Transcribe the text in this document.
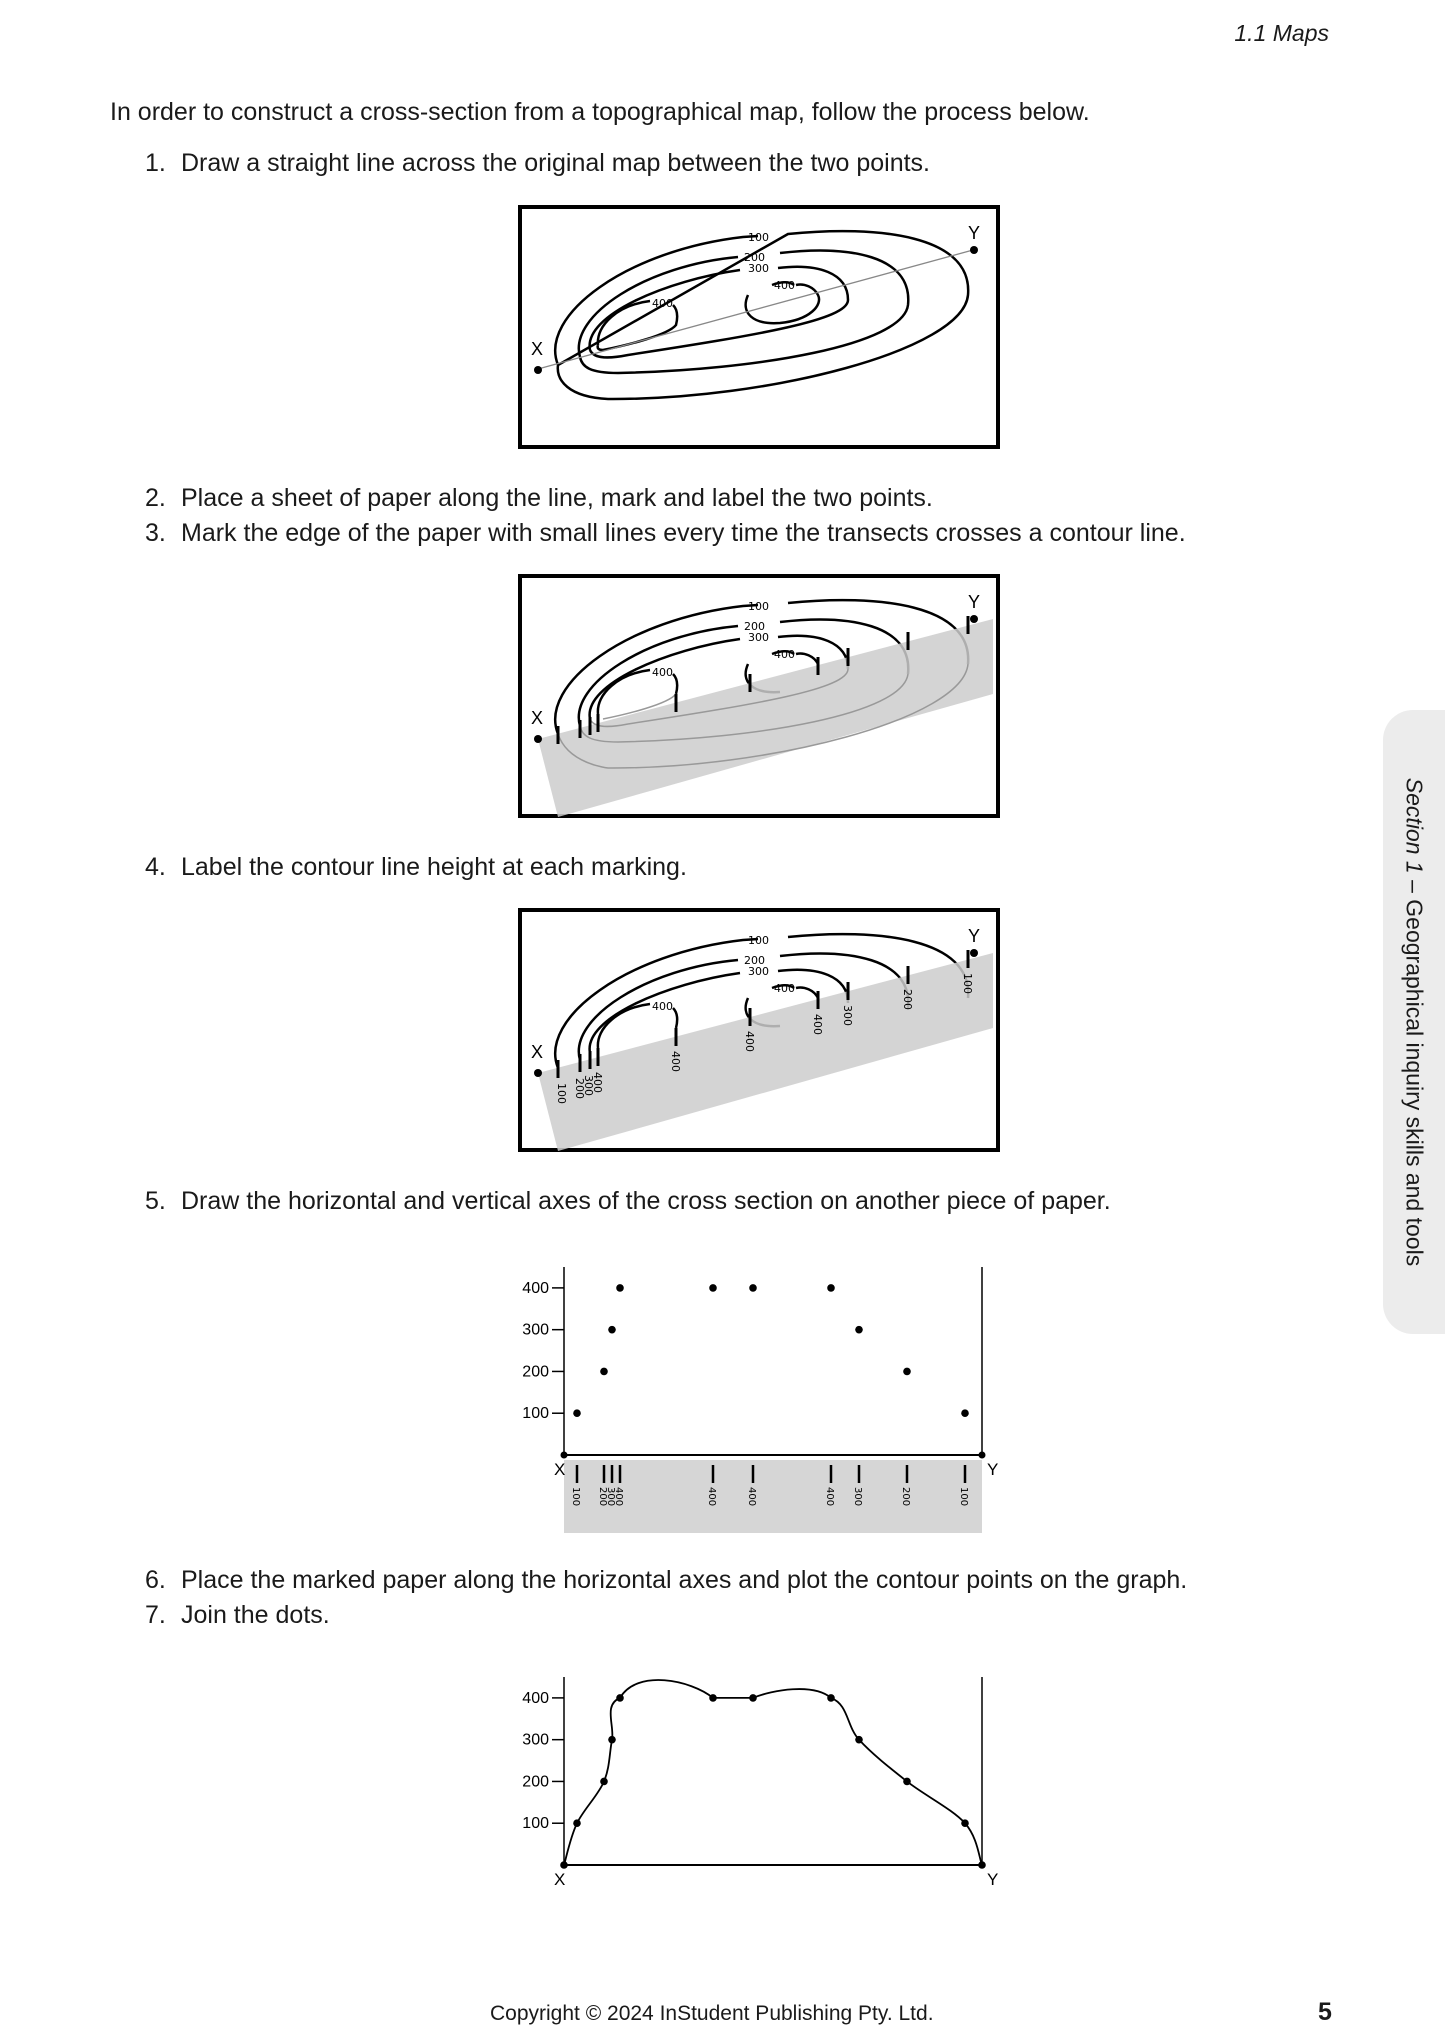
1.1 Maps
In order to construct a cross-section from a topographical map, follow the process below.
1. Draw a straight line across the original map between the two points.
X
Y
100
200
300
400
400
2. Place a sheet of paper along the line, mark and label the two points.
3. Mark the edge of the paper with small lines every time the transects crosses a contour line.
X
Y
100
200
300
400
400
4. Label the contour line height at each marking.
100 200
300
400
400
400
400 300
200
100
X
Y
100
200
300
400
400
5. Draw the horizontal and vertical axes of the cross section on another piece of paper.
100
200
300
400
X	Y
100 200
300
400	400	400	400 300	200	100
6. Place the marked paper along the horizontal axes and plot the contour points on the graph.
7. Join the dots.
100
200
300
400
X	Y
Section 1 – Geographical inquiry skills and tools
Copyright © 2024 InStudent Publishing Pty. Ltd.	5
